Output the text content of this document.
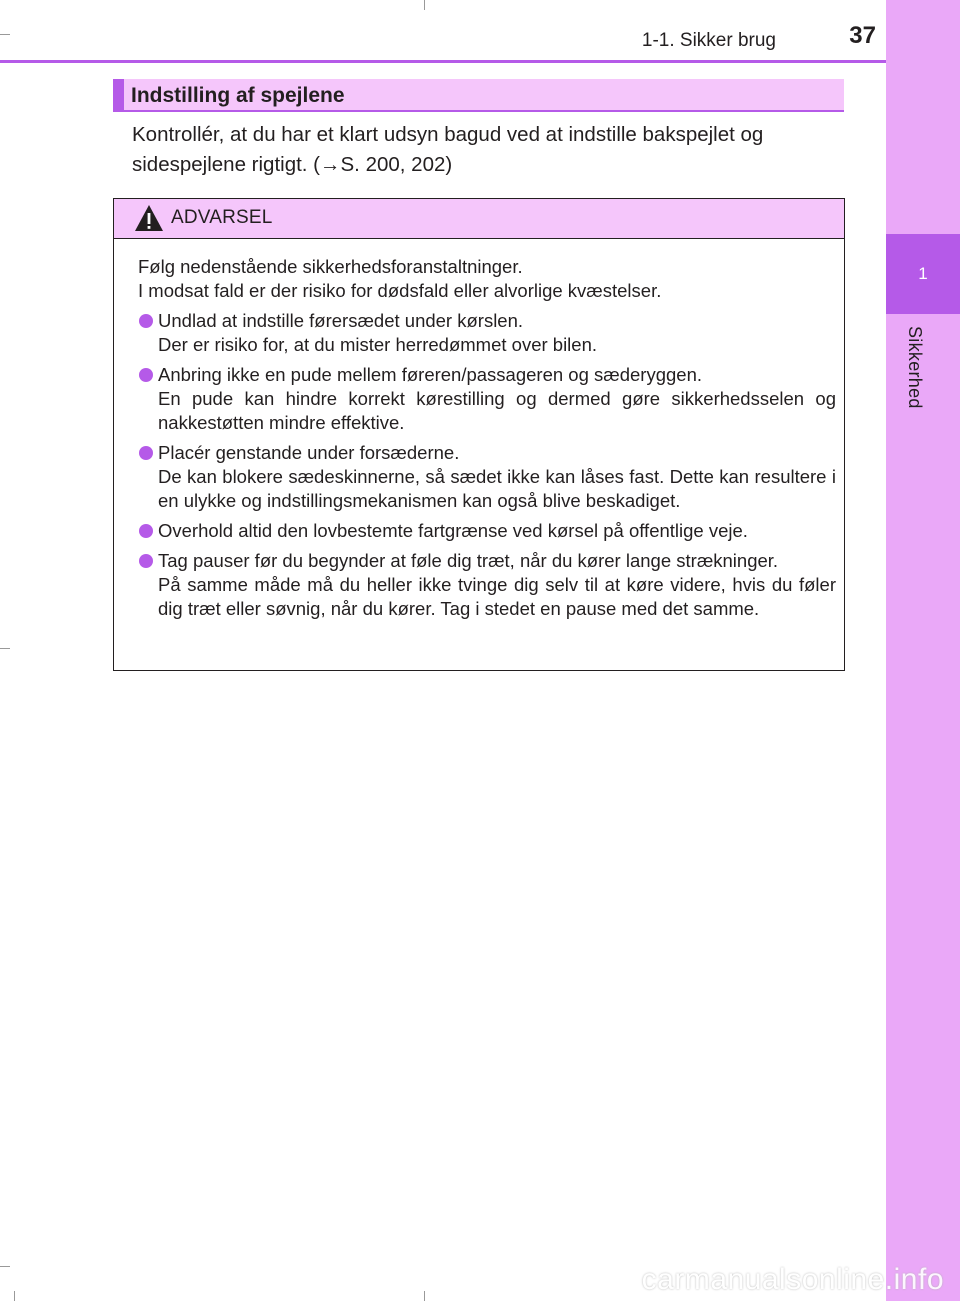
1
Sikkerhed
1-1. Sikker brug	37
Indstilling af spejlene
Kontrollér, at du har et klart udsyn bagud ved at indstille bakspejlet og sidespejlene rigtigt. (→S. 200, 202)
ADVARSEL

Følg nedenstående sikkerhedsforanstaltninger.
I modsat fald er der risiko for dødsfald eller alvorlige kvæstelser.

Undlad at indstille førersædet under kørslen.
Der er risiko for, at du mister herredømmet over bilen.
Anbring ikke en pude mellem føreren/passageren og sæderyggen.
En pude kan hindre korrekt kørestilling og dermed gøre sikkerhedsselen og nakkestøtten mindre effektive.
Placér genstande under forsæderne.
De kan blokere sædeskinnerne, så sædet ikke kan låses fast. Dette kan resultere i en ulykke og indstillingsmekanismen kan også blive beskadiget.
Overhold altid den lovbestemte fartgrænse ved kørsel på offentlige veje.
Tag pauser før du begynder at føle dig træt, når du kører lange strækninger.
På samme måde må du heller ikke tvinge dig selv til at køre videre, hvis du føler dig træt eller søvnig, når du kører. Tag i stedet en pause med det samme.
carmanualsonline.info
